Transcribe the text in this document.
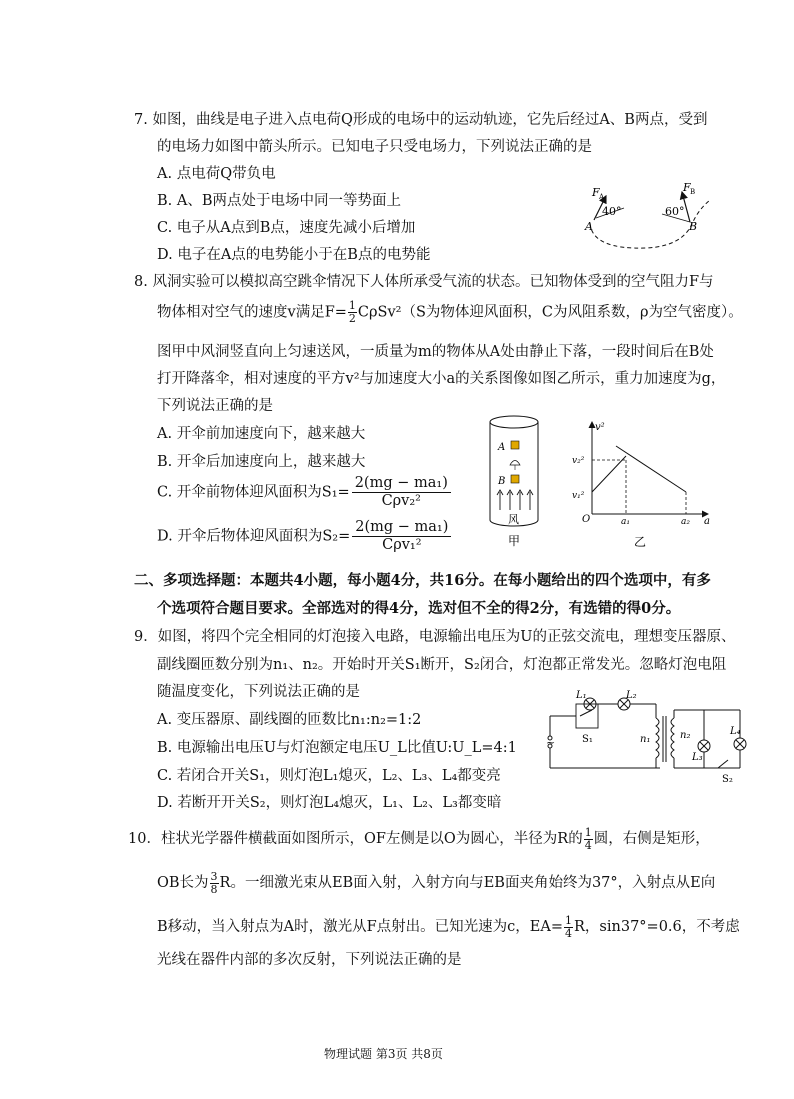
7. 如图，曲线是电子进入点电荷Q形成的电场中的运动轨迹，它先后经过A、B两点，受到
的电场力如图中箭头所示。已知电子只受电场力，下列说法正确的是
A. 点电荷Q带负电
B. A、B两点处于电场中同一等势面上
C. 电子从A点到B点，速度先减小后增加
D. 电子在A点的电势能小于在B点的电势能
F A
40°
A
F B
60°
B
8. 风洞实验可以模拟高空跳伞情况下人体所承受气流的状态。已知物体受到的空气阻力F与
物体相对空气的速度v满足$F= \frac{1}{2} C\rho Sv^2(S$为物体迎风面积，C为风阻系数，ρ为空气密度）。
图甲中风洞竖直向上匀速送风，一质量为m的物体从A处由静止下落，一段时间后在B处
打开降落伞，相对速度的平方v²与加速度大小a的关系图像如图乙所示，重力加速度为g，
下列说法正确的是
A. 开伞前加速度向下，越来越大
B. 开伞后加速度向上，越来越大
C. 开伞前物体迎风面积为S₁=
2(mg − ma₁)
Cρv₂²
D. 开伞后物体迎风面积为S₂=
2(mg − ma₁)
Cρv₁²
A
B
风
甲
v²
v₂²
v₁²
O	a₁	a₂ a
乙
二、多项选择题：本题共4小题，每小题4分，共16分。在每小题给出的四个选项中，有多
个选项符合题目要求。全部选对的得4分，选对但不全的得2分，有选错的得0分。
9．如图，将四个完全相同的灯泡接入电路，电源输出电压为U的正弦交流电，理想变压器原、
副线圈匝数分别为n₁、n₂。开始时开关S₁断开，S₂闭合，灯泡都正常发光。忽略灯泡电阻
随温度变化，下列说法正确的是
A. 变压器原、副线圈的匝数比n₁:n₂=1:2
B. 电源输出电压U与灯泡额定电压U_L比值U:U_L=4:1
C. 若闭合开关S₁，则灯泡L₁熄灭，L₂、L₃、L₄都变亮
D. 若断开开关S₂，则灯泡L₄熄灭，L₁、L₂、L₃都变暗
~
L₁	L₂
L₃
L₄
S₁
S₂
n₁	n₂
10．柱状光学器件横截面如图所示，OF左侧是以O为圆心，半径为R的 $\frac{1}{4}$ 圆，右侧是矩形，
OB长为 $\frac{3}{8}$ R。一细激光束从EB面入射，入射方向与EB面夹角始终为37°，入射点从E向
B移动，当入射点为A时，激光从F点射出。已知光速为c，$EA= \frac{1}{4}$ R，sin37°=0.6，不考虑
光线在器件内部的多次反射，下列说法正确的是
物理试题 第3页 共8页
